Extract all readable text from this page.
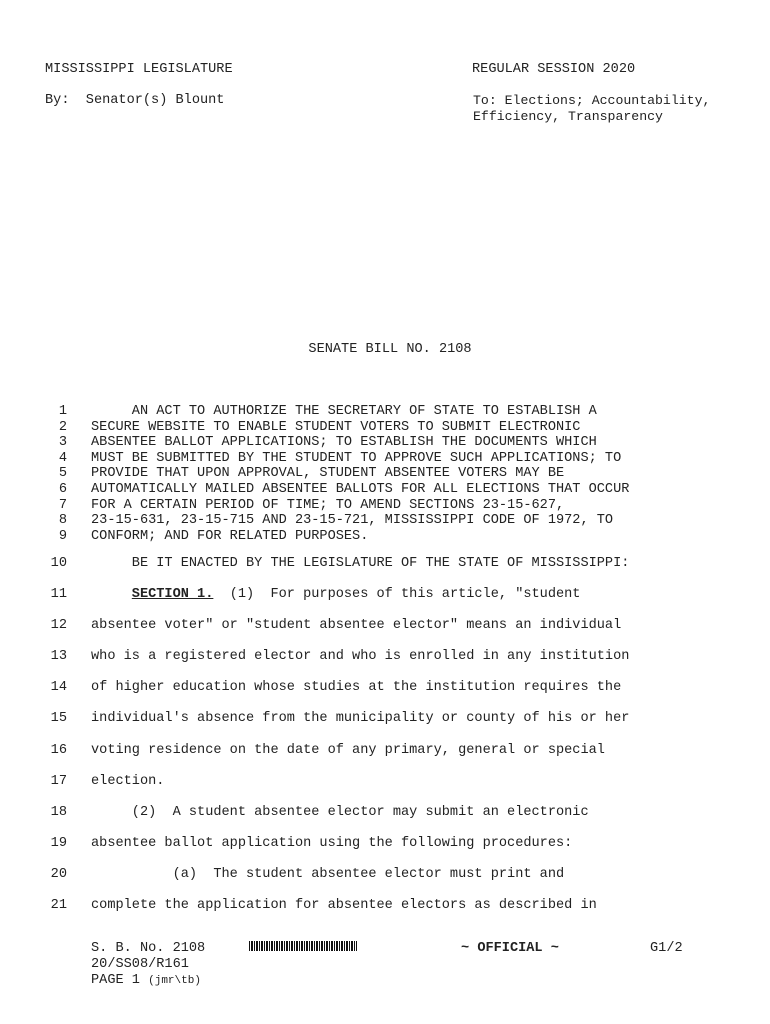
MISSISSIPPI LEGISLATURE	REGULAR SESSION 2020
By:  Senator(s) Blount	To: Elections; Accountability, Efficiency, Transparency
SENATE BILL NO. 2108
1 AN ACT TO AUTHORIZE THE SECRETARY OF STATE TO ESTABLISH A
2 SECURE WEBSITE TO ENABLE STUDENT VOTERS TO SUBMIT ELECTRONIC
3 ABSENTEE BALLOT APPLICATIONS; TO ESTABLISH THE DOCUMENTS WHICH
4 MUST BE SUBMITTED BY THE STUDENT TO APPROVE SUCH APPLICATIONS; TO
5 PROVIDE THAT UPON APPROVAL, STUDENT ABSENTEE VOTERS MAY BE
6 AUTOMATICALLY MAILED ABSENTEE BALLOTS FOR ALL ELECTIONS THAT OCCUR
7 FOR A CERTAIN PERIOD OF TIME; TO AMEND SECTIONS 23-15-627,
8 23-15-631, 23-15-715 AND 23-15-721, MISSISSIPPI CODE OF 1972, TO
9 CONFORM; AND FOR RELATED PURPOSES.
10 BE IT ENACTED BY THE LEGISLATURE OF THE STATE OF MISSISSIPPI:
11	SECTION 1.  (1)  For purposes of this article, "student
12 absentee voter" or "student absentee elector" means an individual
13 who is a registered elector and who is enrolled in any institution
14 of higher education whose studies at the institution requires the
15 individual's absence from the municipality or county of his or her
16 voting residence on the date of any primary, general or special
17 election.
18 (2)  A student absentee elector may submit an electronic
19 absentee ballot application using the following procedures:
20 (a)  The student absentee elector must print and
21 complete the application for absentee electors as described in
S. B. No. 2108	~ OFFICIAL ~	G1/2
20/SS08/R161
PAGE 1 (jmr\tb)
